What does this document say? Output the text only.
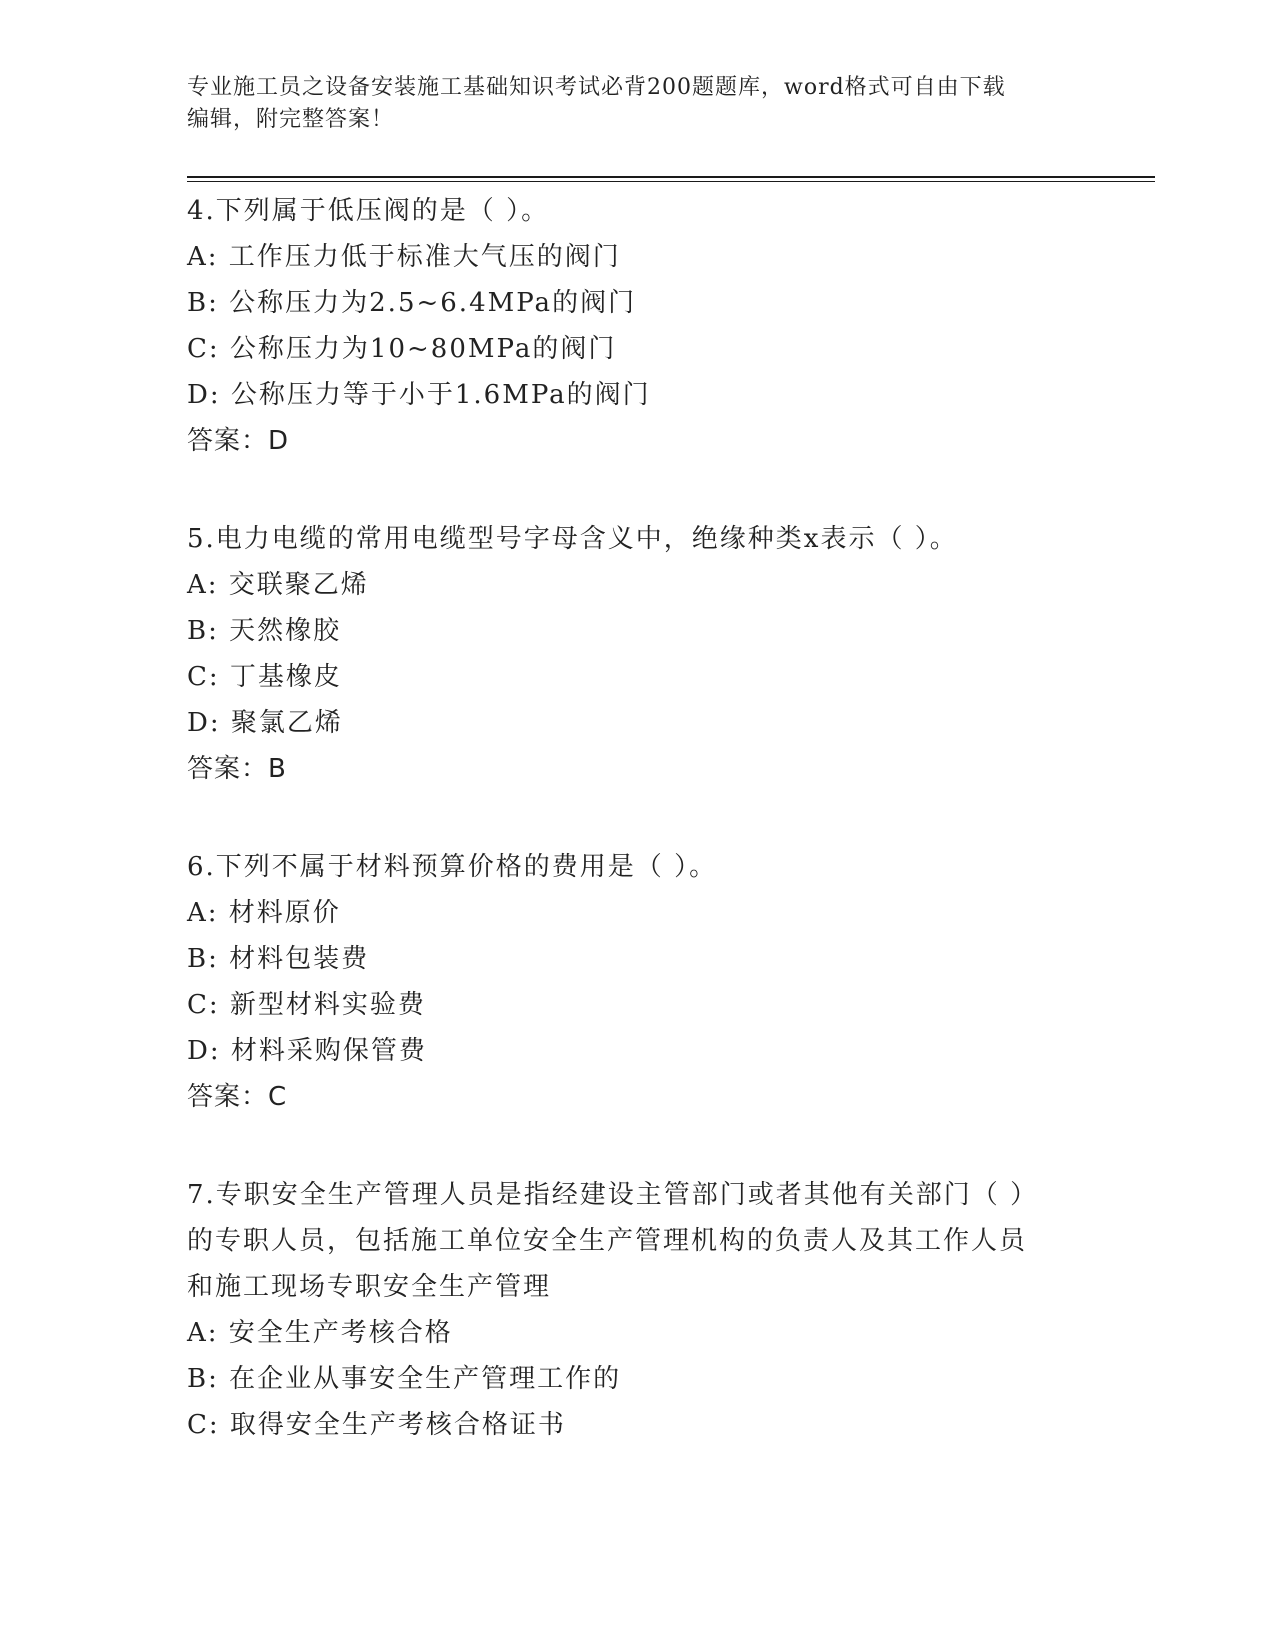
专业施工员之设备安装施工基础知识考试必背200题题库，word格式可自由下载
编辑，附完整答案！
4.下列属于低压阀的是（ ）。
A: 工作压力低于标准大气压的阀门
B: 公称压力为2.5~6.4MPa的阀门
C: 公称压力为10~80MPa的阀门
D: 公称压力等于小于1.6MPa的阀门
答案：D
5.电力电缆的常用电缆型号字母含义中，绝缘种类x表示（ ）。
A: 交联聚乙烯
B: 天然橡胶
C: 丁基橡皮
D: 聚氯乙烯
答案：B
6.下列不属于材料预算价格的费用是（ ）。
A: 材料原价
B: 材料包装费
C: 新型材料实验费
D: 材料采购保管费
答案：C
7.专职安全生产管理人员是指经建设主管部门或者其他有关部门（ ）
的专职人员，包括施工单位安全生产管理机构的负责人及其工作人员
和施工现场专职安全生产管理
A: 安全生产考核合格
B: 在企业从事安全生产管理工作的
C: 取得安全生产考核合格证书
